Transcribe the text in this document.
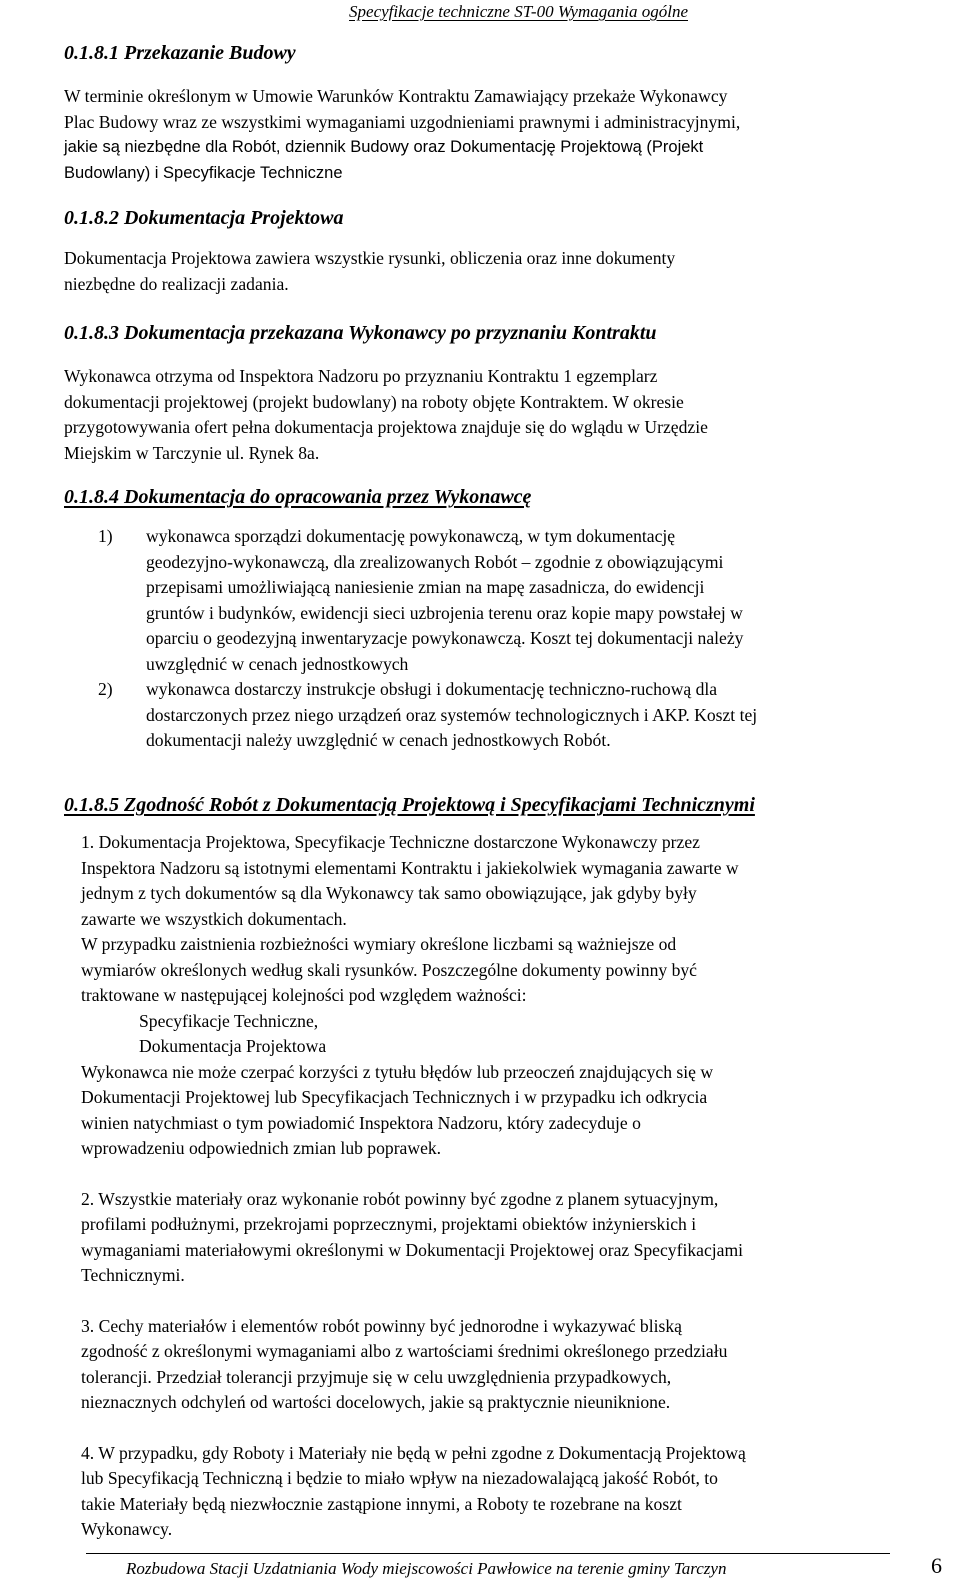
Specyfikacje techniczne ST-00 Wymagania ogólne
0.1.8.1 Przekazanie Budowy
W terminie określonym w Umowie Warunków Kontraktu Zamawiający przekaże Wykonawcy
Plac Budowy wraz ze wszystkimi wymaganiami uzgodnieniami prawnymi i administracyjnymi,
jakie są niezbędne dla Robót, dziennik Budowy oraz Dokumentację Projektową (Projekt
Budowlany) i Specyfikacje Techniczne
0.1.8.2 Dokumentacja Projektowa
Dokumentacja Projektowa zawiera wszystkie rysunki, obliczenia oraz inne dokumenty
niezbędne do realizacji zadania.
0.1.8.3 Dokumentacja przekazana Wykonawcy po przyznaniu Kontraktu
Wykonawca otrzyma od Inspektora Nadzoru po przyznaniu Kontraktu 1 egzemplarz
dokumentacji projektowej (projekt budowlany) na roboty objęte Kontraktem. W okresie
przygotowywania ofert pełna dokumentacja projektowa znajduje się do wglądu w Urzędzie
Miejskim w Tarczynie ul. Rynek 8a.
0.1.8.4 Dokumentacja do opracowania przez Wykonawcę
1) wykonawca sporządzi dokumentację powykonawczą, w tym dokumentację
geodezyjno-wykonawczą, dla zrealizowanych Robót – zgodnie z obowiązującymi
przepisami umożliwiającą naniesienie zmian na mapę zasadnicza, do ewidencji
gruntów i budynków, ewidencji sieci uzbrojenia terenu oraz kopie mapy powstałej w
oparciu o geodezyjną inwentaryzacje powykonawczą. Koszt tej dokumentacji należy
uwzględnić w cenach jednostkowych
2) wykonawca dostarczy instrukcje obsługi i dokumentację techniczno-ruchową dla
dostarczonych przez niego urządzeń oraz systemów technologicznych i AKP. Koszt tej
dokumentacji należy uwzględnić w cenach jednostkowych Robót.
0.1.8.5 Zgodność Robót z Dokumentacją Projektową i Specyfikacjami Technicznymi
1. Dokumentacja Projektowa, Specyfikacje Techniczne dostarczone Wykonawczy przez
Inspektora Nadzoru są istotnymi elementami Kontraktu i jakiekolwiek wymagania zawarte w
jednym z tych dokumentów są dla Wykonawcy tak samo obowiązujące, jak gdyby były
zawarte we wszystkich dokumentach.
W przypadku zaistnienia rozbieżności wymiary określone liczbami są ważniejsze od
wymiarów określonych według skali rysunków. Poszczególne dokumenty powinny być
traktowane w następującej kolejności pod względem ważności:
Specyfikacje Techniczne,
Dokumentacja Projektowa
Wykonawca nie może czerpać korzyści z tytułu błędów lub przeoczeń znajdujących się w
Dokumentacji Projektowej lub Specyfikacjach Technicznych i w przypadku ich odkrycia
winien natychmiast o tym powiadomić Inspektora Nadzoru, który zadecyduje o
wprowadzeniu odpowiednich zmian lub poprawek.
2. Wszystkie materiały oraz wykonanie robót powinny być zgodne z planem sytuacyjnym,
profilami podłużnymi, przekrojami poprzecznymi, projektami obiektów inżynierskich i
wymaganiami materiałowymi określonymi w Dokumentacji Projektowej oraz Specyfikacjami
Technicznymi.
3. Cechy materiałów i elementów robót powinny być jednorodne i wykazywać bliską
zgodność z określonymi wymaganiami albo z wartościami średnimi określonego przedziału
tolerancji. Przedział tolerancji przyjmuje się w celu uwzględnienia przypadkowych,
nieznacznych odchyleń od wartości docelowych, jakie są praktycznie nieuniknione.
4. W przypadku, gdy Roboty i Materiały nie będą w pełni zgodne z Dokumentacją Projektową
lub Specyfikacją Techniczną i będzie to miało wpływ na niezadowalającą jakość Robót, to
takie Materiały będą niezwłocznie zastąpione innymi, a Roboty te rozebrane na koszt
Wykonawcy.
Rozbudowa Stacji Uzdatniania Wody miejscowości Pawłowice na terenie gminy Tarczyn	6
